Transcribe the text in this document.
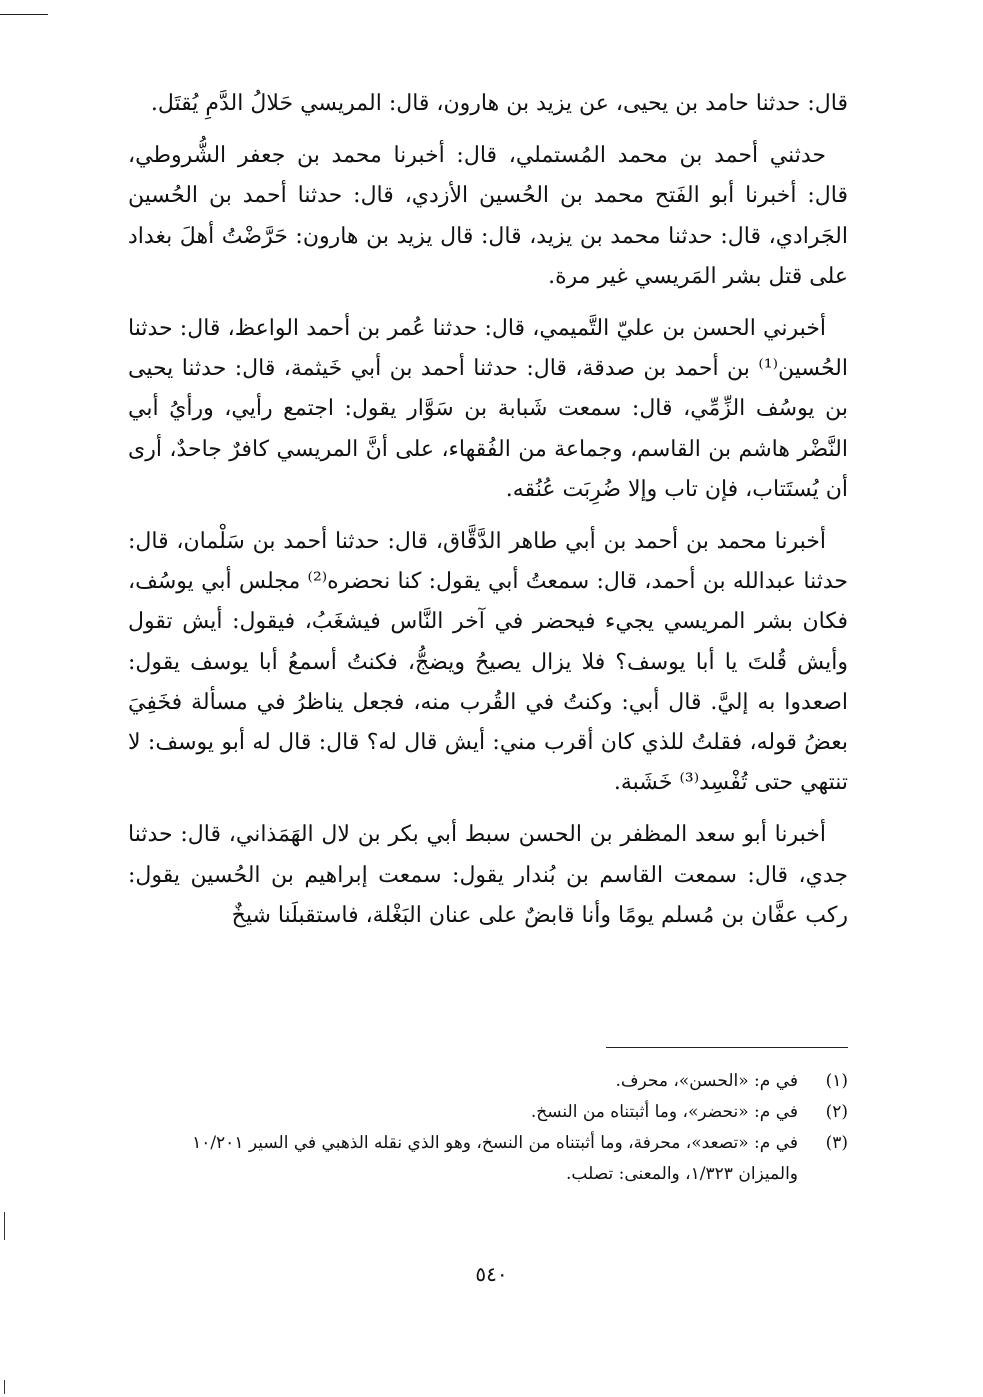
قال: حدثنا حامد بن يحيى، عن يزيد بن هارون، قال: المريسي حَلالُ الدَّمِ يُقتَل.

حدثني أحمد بن محمد المُستملي، قال: أخبرنا محمد بن جعفر الشُّروطي، قال: أخبرنا أبو الفَتح محمد بن الحُسين الأزدي، قال: حدثنا أحمد بن الحُسين الجَرادي، قال: حدثنا محمد بن يزيد، قال: قال يزيد بن هارون: حَرَّضْتُ أهلَ بغداد على قتل بشر المَريسي غير مرة.

أخبرني الحسن بن عليّ التَّميمي، قال: حدثنا عُمر بن أحمد الواعظ، قال: حدثنا الحُسين⁽¹⁾ بن أحمد بن صدقة، قال: حدثنا أحمد بن أبي خَيثمة، قال: حدثنا يحيى بن يوسُف الزِّمِّي، قال: سمعت شَبابة بن سَوَّار يقول: اجتمع رأيي، ورأيُ أبي النَّضْر هاشم بن القاسم، وجماعة من الفُقهاء، على أنَّ المريسي كافرٌ جاحدٌ، أرى أن يُستَتاب، فإن تاب وإلا ضُرِبَت عُنُقه.

أخبرنا محمد بن أحمد بن أبي طاهر الدَّقَّاق، قال: حدثنا أحمد بن سَلْمان، قال: حدثنا عبدالله بن أحمد، قال: سمعتُ أبي يقول: كنا نحضره⁽²⁾ مجلس أبي يوسُف، فكان بشر المريسي يجيء فيحضر في آخر النَّاس فيشغَبُ، فيقول: أيش تقول وأيش قُلتَ يا أبا يوسف؟ فلا يزال يصيحُ ويضجُّ، فكنتُ أسمعُ أبا يوسف يقول: اصعدوا به إليَّ. قال أبي: وكنتُ في القُرب منه، فجعل يناظرُ في مسألة فخَفِيَ بعضُ قوله، فقلتُ للذي كان أقرب مني: أيش قال له؟ قال: قال له أبو يوسف: لا تنتهي حتى تُفْسِد⁽³⁾ خَشَبة.

أخبرنا أبو سعد المظفر بن الحسن سبط أبي بكر بن لال الهَمَذاني، قال: حدثنا جدي، قال: سمعت القاسم بن بُندار يقول: سمعت إبراهيم بن الحُسين يقول: ركب عفَّان بن مُسلم يومًا وأنا قابضٌ على عنان البَغْلة، فاستقبلَنا شيخٌ

(١)في م: «الحسن»، محرف.

(٢)في م: «نحضر»، وما أثبتناه من النسخ.

(٣)في م: «تصعد»، محرفة، وما أثبتناه من النسخ، وهو الذي نقله الذهبي في السير ١٠/٢٠١ والميزان ١/٣٢٣، والمعنى: تصلب.

٥٤٠
